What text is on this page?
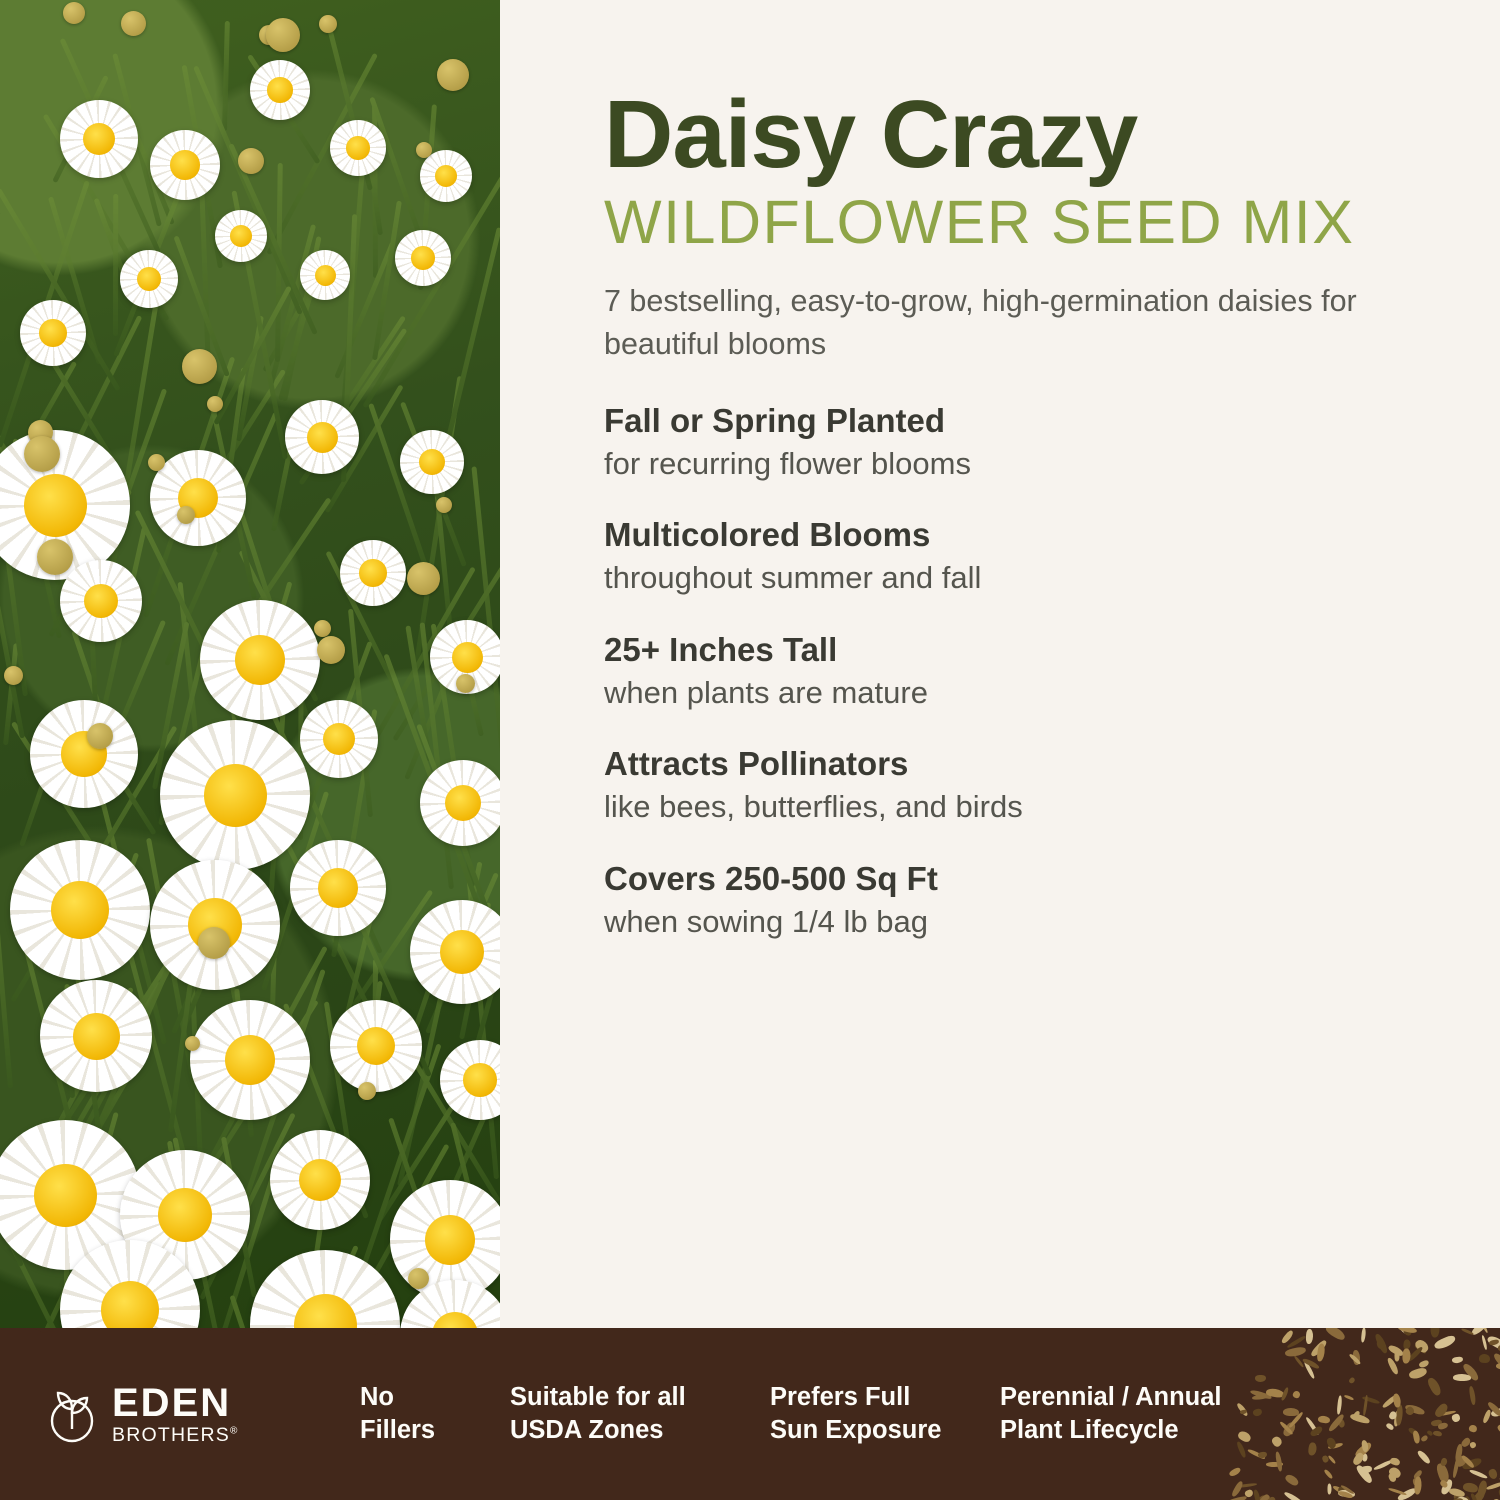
Daisy Crazy
WILDFLOWER SEED MIX
7 bestselling, easy-to-grow, high-germination daisies for beautiful blooms
Fall or Spring Planted
for recurring flower blooms
Multicolored Blooms
throughout summer and fall
25+ Inches Tall
when plants are mature
Attracts Pollinators
like bees, butterflies, and birds
Covers 250-500 Sq Ft
when sowing 1/4 lb bag
EDEN
BROTHERS®
No
Fillers
Suitable for all
USDA Zones
Prefers Full
Sun Exposure
Perennial / Annual
Plant Lifecycle
